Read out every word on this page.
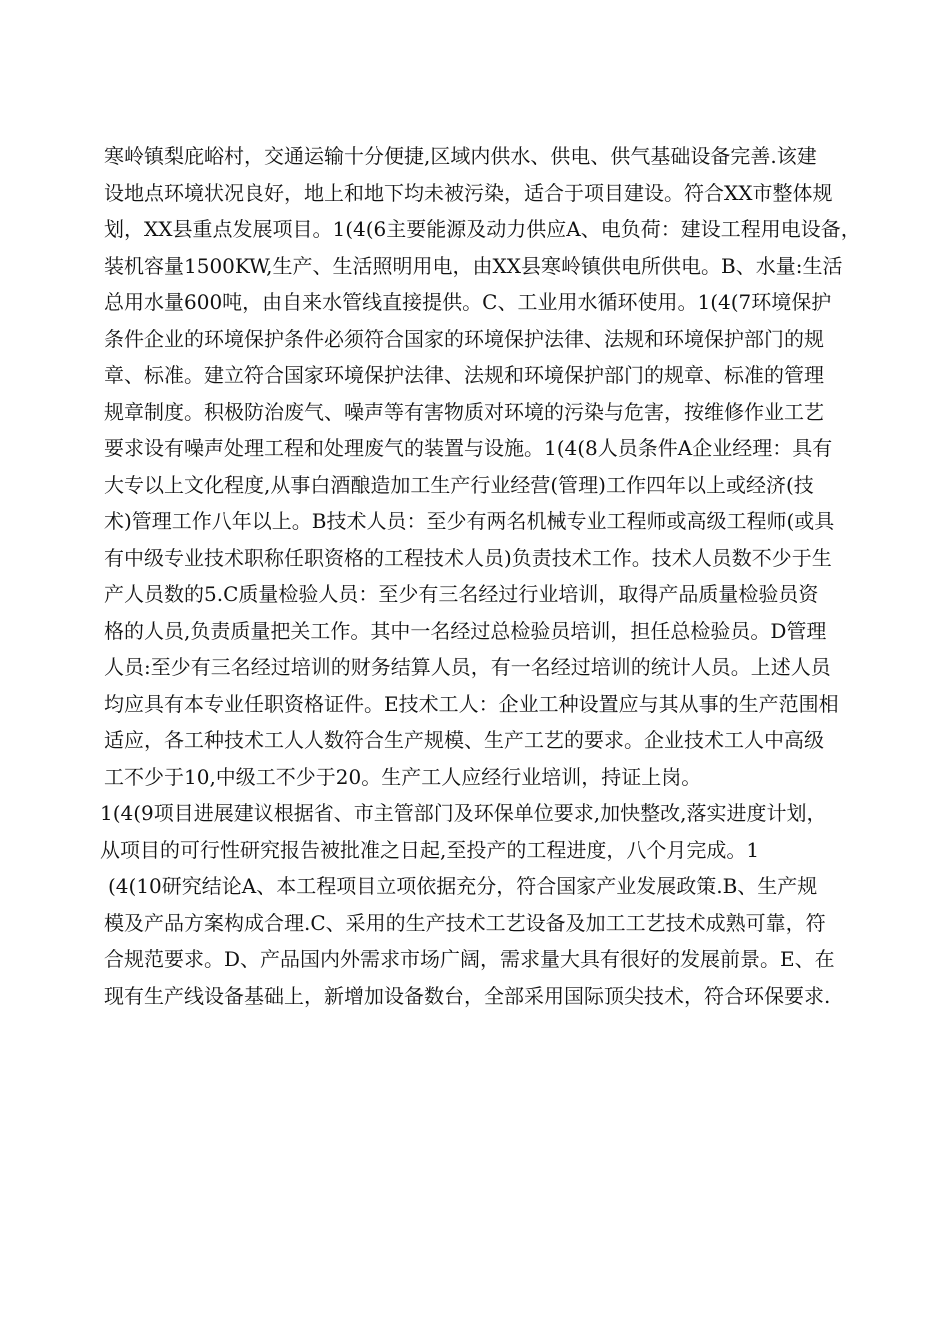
寒岭镇梨庇峪村，交通运输十分便捷,区域内供水、供电、供气基础设备完善.该建
设地点环境状况良好，地上和地下均未被污染，适合于项目建设。符合XX市整体规
划，XX县重点发展项目。1(4(6主要能源及动力供应A、电负荷：建设工程用电设备，
装机容量1500KW,生产、生活照明用电，由XX县寒岭镇供电所供电。B、水量:生活
总用水量600吨，由自来水管线直接提供。C、工业用水循环使用。1(4(7环境保护
条件企业的环境保护条件必须符合国家的环境保护法律、法规和环境保护部门的规
章、标准。建立符合国家环境保护法律、法规和环境保护部门的规章、标准的管理
规章制度。积极防治废气、噪声等有害物质对环境的污染与危害，按维修作业工艺
要求设有噪声处理工程和处理废气的装置与设施。1(4(8人员条件A企业经理：具有
大专以上文化程度,从事白酒酿造加工生产行业经营(管理)工作四年以上或经济(技
术)管理工作八年以上。B技术人员：至少有两名机械专业工程师或高级工程师(或具
有中级专业技术职称任职资格的工程技术人员)负责技术工作。技术人员数不少于生
产人员数的5.C质量检验人员：至少有三名经过行业培训，取得产品质量检验员资
格的人员,负责质量把关工作。其中一名经过总检验员培训，担任总检验员。D管理
人员:至少有三名经过培训的财务结算人员，有一名经过培训的统计人员。上述人员
均应具有本专业任职资格证件。E技术工人：企业工种设置应与其从事的生产范围相
适应，各工种技术工人人数符合生产规模、生产工艺的要求。企业技术工人中高级
工不少于10,中级工不少于20。生产工人应经行业培训，持证上岗。
1(4(9项目进展建议根据省、市主管部门及环保单位要求,加快整改,落实进度计划，
从项目的可行性研究报告被批准之日起,至投产的工程进度，八个月完成。1
(4(10研究结论A、本工程项目立项依据充分，符合国家产业发展政策.B、生产规
模及产品方案构成合理.C、采用的生产技术工艺设备及加工工艺技术成熟可靠，符
合规范要求。D、产品国内外需求市场广阔，需求量大具有很好的发展前景。E、在
现有生产线设备基础上，新增加设备数台，全部采用国际顶尖技术，符合环保要求.
